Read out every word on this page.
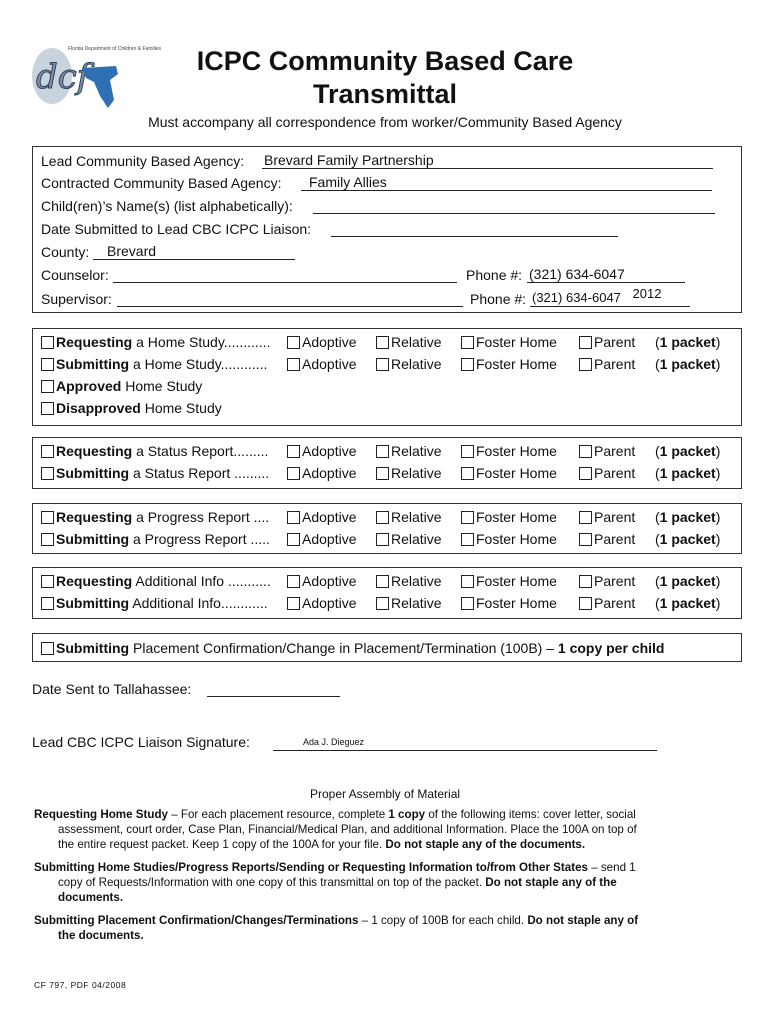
dcf
Florida Department of Children & Families	ICPC Community Based Care
Transmittal
Must accompany all correspondence from worker/Community Based Agency
Lead Community Based Agency: Brevard Family Partnership
Contracted Community Based Agency:	Family Allies
Child(ren)’s Name(s) (list alphabetically):
Date Submitted to Lead CBC ICPC Liaison:
County:	Brevard
Counselor:	Phone #: (321) 634-6047
Supervisor:	Phone #: (321) 634-6047 2012
Requesting a Home Study............	Adoptive	Relative	Foster Home	Parent (1 packet)
Submitting a Home Study............	Adoptive	Relative	Foster Home	Parent (1 packet)
Approved Home Study
Disapproved Home Study
Requesting a Status Report.........	Adoptive	Relative	Foster Home	Parent (1 packet)
Submitting a Status Report .........	Adoptive	Relative	Foster Home	Parent (1 packet)
Requesting a Progress Report ....	Adoptive	Relative	Foster Home	Parent (1 packet)
Submitting a Progress Report .....	Adoptive	Relative	Foster Home	Parent (1 packet)
Requesting Additional Info ...........	Adoptive	Relative	Foster Home	Parent (1 packet)
Submitting Additional Info............	Adoptive	Relative	Foster Home	Parent (1 packet)
Submitting Placement Confirmation/Change in Placement/Termination (100B) – 1 copy per child
Date Sent to Tallahassee:
Lead CBC ICPC Liaison Signature:	Ada J. Dieguez
Proper Assembly of Material
Requesting Home Study – For each placement resource, complete 1 copy of the following items: cover letter, social
assessment, court order, Case Plan, Financial/Medical Plan, and additional Information. Place the 100A on top of
the entire request packet. Keep 1 copy of the 100A for your file. Do not staple any of the documents.
Submitting Home Studies/Progress Reports/Sending or Requesting Information to/from Other States – send 1
copy of Requests/Information with one copy of this transmittal on top of the packet. Do not staple any of the
documents.
Submitting Placement Confirmation/Changes/Terminations – 1 copy of 100B for each child. Do not staple any of
the documents.
CF 797, PDF 04/2008
